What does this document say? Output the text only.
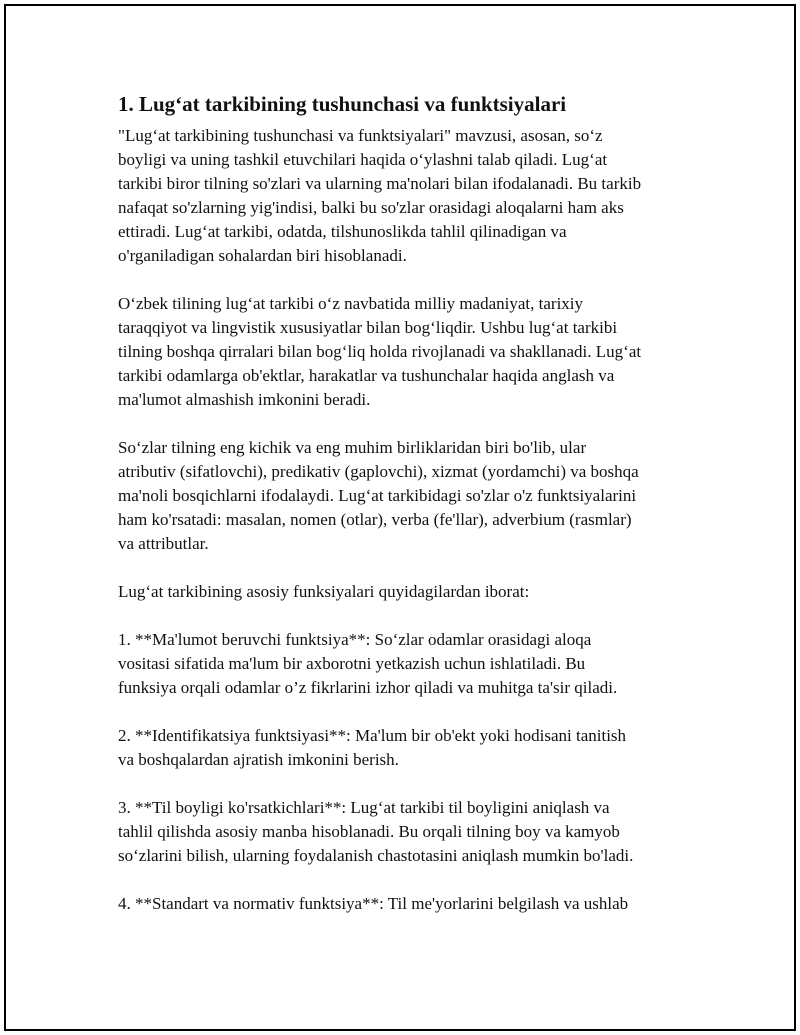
1. Lug‘at tarkibining tushunchasi va funktsiyalari

"Lug‘at tarkibining tushunchasi va funktsiyalari" mavzusi, asosan, so‘z
boyligi va uning tashkil etuvchilari haqida o‘ylashni talab qiladi. Lug‘at
tarkibi biror tilning so'zlari va ularning ma'nolari bilan ifodalanadi. Bu tarkib
nafaqat so'zlarning yig'indisi, balki bu so'zlar orasidagi aloqalarni ham aks
ettiradi. Lug‘at tarkibi, odatda, tilshunoslikda tahlil qilinadigan va
o'rganiladigan sohalardan biri hisoblanadi.

O‘zbek tilining lug‘at tarkibi o‘z navbatida milliy madaniyat, tarixiy
taraqqiyot va lingvistik xususiyatlar bilan bog‘liqdir. Ushbu lug‘at tarkibi
tilning boshqa qirralari bilan bog‘liq holda rivojlanadi va shakllanadi. Lug‘at
tarkibi odamlarga ob'ektlar, harakatlar va tushunchalar haqida anglash va
ma'lumot almashish imkonini beradi.

So‘zlar tilning eng kichik va eng muhim birliklaridan biri bo'lib, ular
atributiv (sifatlovchi), predikativ (gaplovchi), xizmat (yordamchi) va boshqa
ma'noli bosqichlarni ifodalaydi. Lug‘at tarkibidagi so'zlar o'z funktsiyalarini
ham ko'rsatadi: masalan, nomen (otlar), verba (fe'llar), adverbium (rasmlar)
va attributlar.

Lug‘at tarkibining asosiy funksiyalari quyidagilardan iborat:

1. **Ma'lumot beruvchi funktsiya**: So‘zlar odamlar orasidagi aloqa
vositasi sifatida ma'lum bir axborotni yetkazish uchun ishlatiladi. Bu
funksiya orqali odamlar o’z fikrlarini izhor qiladi va muhitga ta'sir qiladi.

2. **Identifikatsiya funktsiyasi**: Ma'lum bir ob'ekt yoki hodisani tanitish
va boshqalardan ajratish imkonini berish.

3. **Til boyligi ko'rsatkichlari**: Lug‘at tarkibi til boyligini aniqlash va
tahlil qilishda asosiy manba hisoblanadi. Bu orqali tilning boy va kamyob
so‘zlarini bilish, ularning foydalanish chastotasini aniqlash mumkin bo'ladi.

4. **Standart va normativ funktsiya**: Til me'yorlarini belgilash va ushlab
